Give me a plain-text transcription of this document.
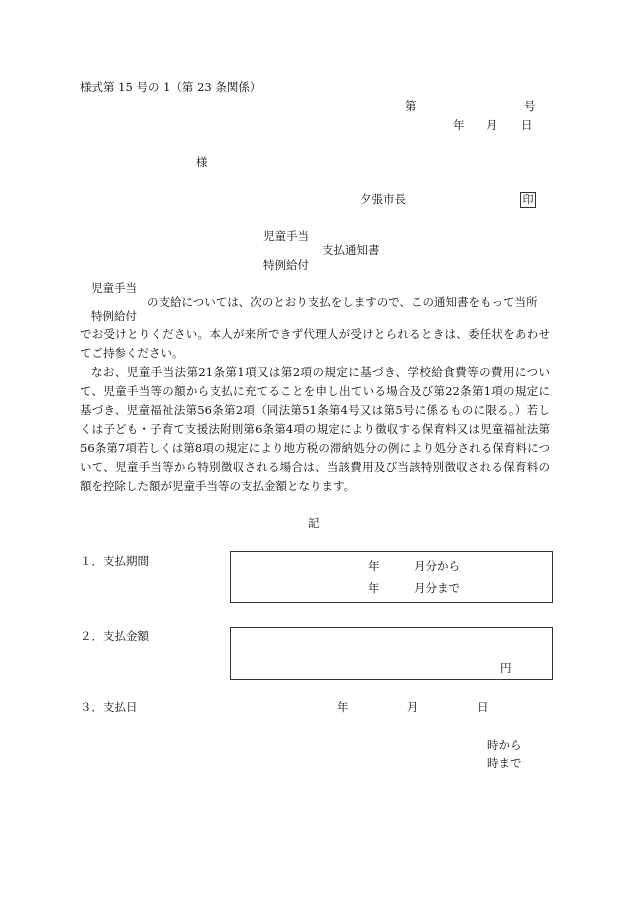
様式第 15 号の 1（第 23 条関係）
第	号
年 月 日
様
夕張市長	印
児童手当
支払通知書
特例給付
児童手当
の支給については、次のとおり支払をしますので、この通知書をもって当所
特例給付
でお受けとりください。本人が来所できず代理人が受けとられるときは、委任状をあわせてご持参ください。
なお、児童手当法第21条第1項又は第2項の規定に基づき、学校給食費等の費用について、児童手当等の額から支払に充てることを申し出ている場合及び第22条第1項の規定に基づき、児童福祉法第56条第2項（同法第51条第4号又は第5号に係るものに限る。）若しくは子ども・子育て支援法附則第6条第4項の規定により徴収する保育料又は児童福祉法第56条第7項若しくは第8項の規定により地方税の滞納処分の例により処分される保育料について、児童手当等から特別徴収される場合は、当該費用及び当該特別徴収される保育料の額を控除した額が児童手当等の支払金額となります。
記
１．支払期間	年	月分から
年	月分まで
２．支払金額
円
３．支払日	年	月	日
時から
時まで
